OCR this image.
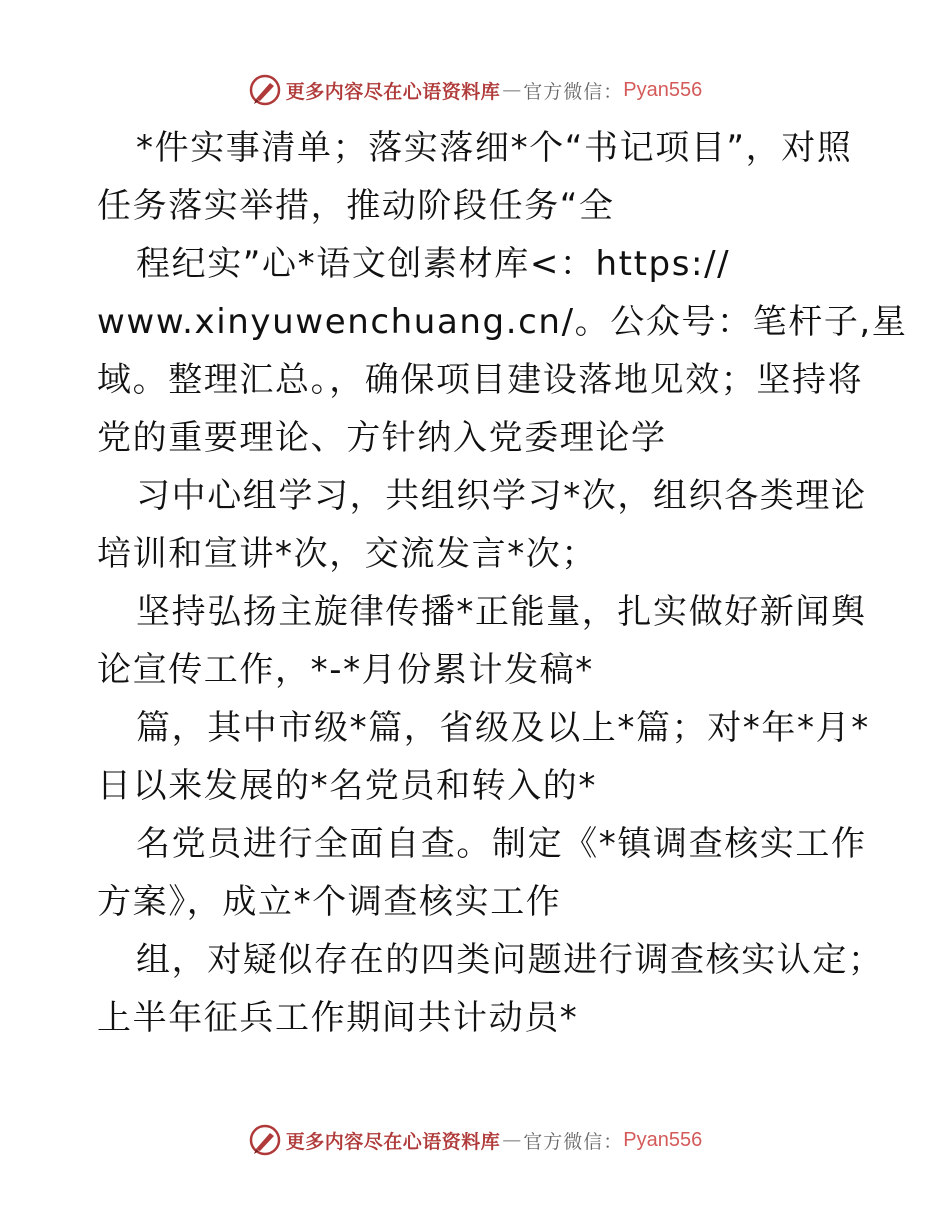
更多内容尽在心语资料库 — 官方微信： Pyan556
*件实事清单；落实落细*个“书记项目”，对照
任务落实举措，推动阶段任务“全
程纪实”心*语文创素材库<：https://
www.xinyuwenchuang.cn/。公众号：笔杆子,星
域。整理汇总。，确保项目建设落地见效；坚持将
党的重要理论、方针纳入党委理论学
习中心组学习，共组织学习*次，组织各类理论
培训和宣讲*次，交流发言*次；
坚持弘扬主旋律传播*正能量，扎实做好新闻舆
论宣传工作，*-*月份累计发稿*
篇，其中市级*篇，省级及以上*篇；对*年*月*
日以来发展的*名党员和转入的*
名党员进行全面自查。制定《*镇调查核实工作
方案》，成立*个调查核实工作
组，对疑似存在的四类问题进行调查核实认定；
上半年征兵工作期间共计动员*
更多内容尽在心语资料库 — 官方微信： Pyan556
